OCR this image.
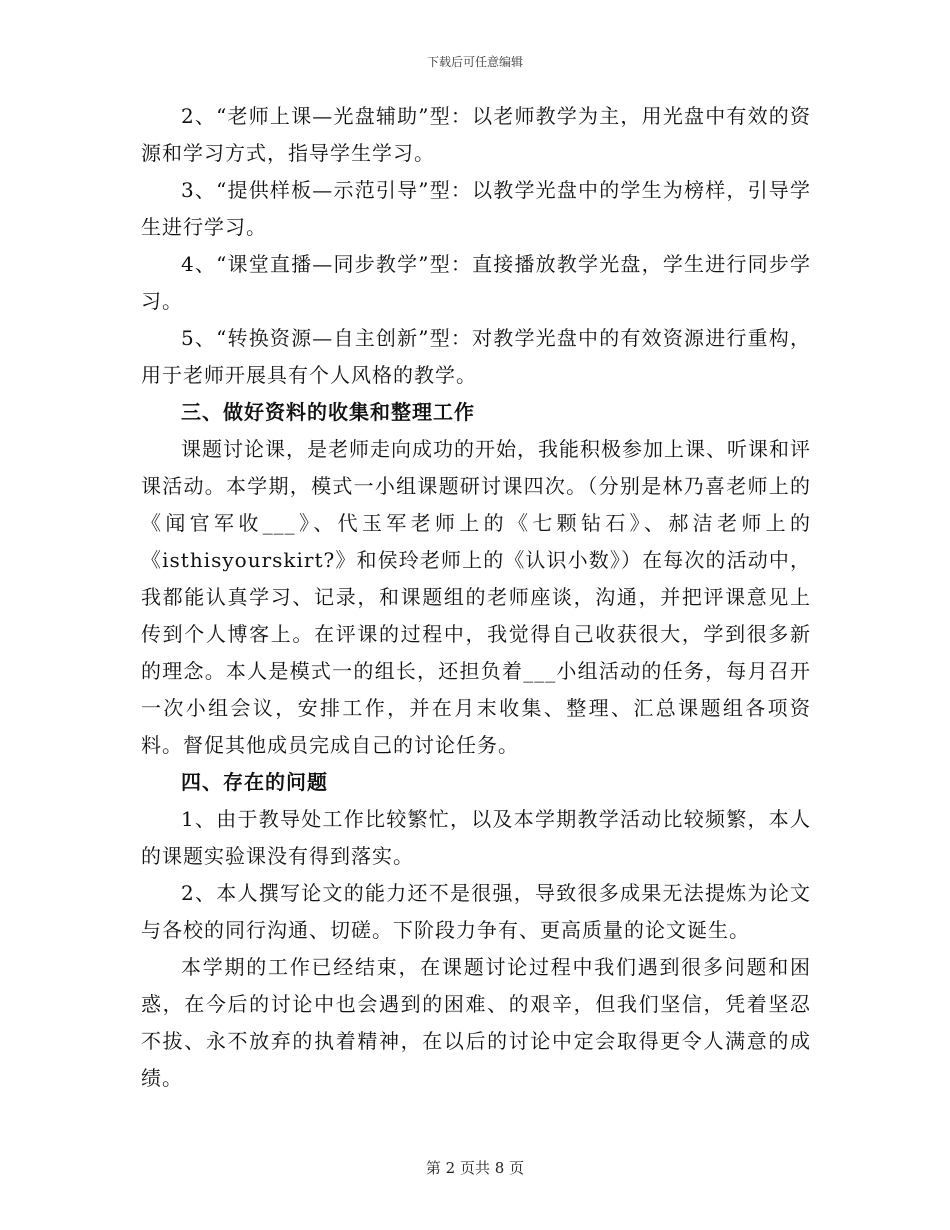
下载后可任意编辑

2、“老师上课—光盘辅助”型：以老师教学为主，用光盘中有效的资源和学习方式，指导学生学习。

3、“提供样板—示范引导”型：以教学光盘中的学生为榜样，引导学生进行学习。

4、“课堂直播—同步教学”型：直接播放教学光盘，学生进行同步学习。

5、“转换资源—自主创新”型：对教学光盘中的有效资源进行重构，用于老师开展具有个人风格的教学。

三、做好资料的收集和整理工作

课题讨论课，是老师走向成功的开始，我能积极参加上课、听课和评课活动。本学期，模式一小组课题研讨课四次。（分别是林乃喜老师上的《闻官军收___》、代玉军老师上的《七颗钻石》、郝洁老师上的《isthisyourskirt?》和侯玲老师上的《认识小数》）在每次的活动中，我都能认真学习、记录，和课题组的老师座谈，沟通，并把评课意见上传到个人博客上。在评课的过程中，我觉得自己收获很大，学到很多新的理念。本人是模式一的组长，还担负着___小组活动的任务，每月召开一次小组会议，安排工作，并在月末收集、整理、汇总课题组各项资料。督促其他成员完成自己的讨论任务。

四、存在的问题

1、由于教导处工作比较繁忙，以及本学期教学活动比较频繁，本人的课题实验课没有得到落实。

2、本人撰写论文的能力还不是很强，导致很多成果无法提炼为论文与各校的同行沟通、切磋。下阶段力争有、更高质量的论文诞生。

本学期的工作已经结束，在课题讨论过程中我们遇到很多问题和困惑，在今后的讨论中也会遇到的困难、的艰辛，但我们坚信，凭着坚忍不拔、永不放弃的执着精神，在以后的讨论中定会取得更令人满意的成绩。

第 2 页共 8 页
